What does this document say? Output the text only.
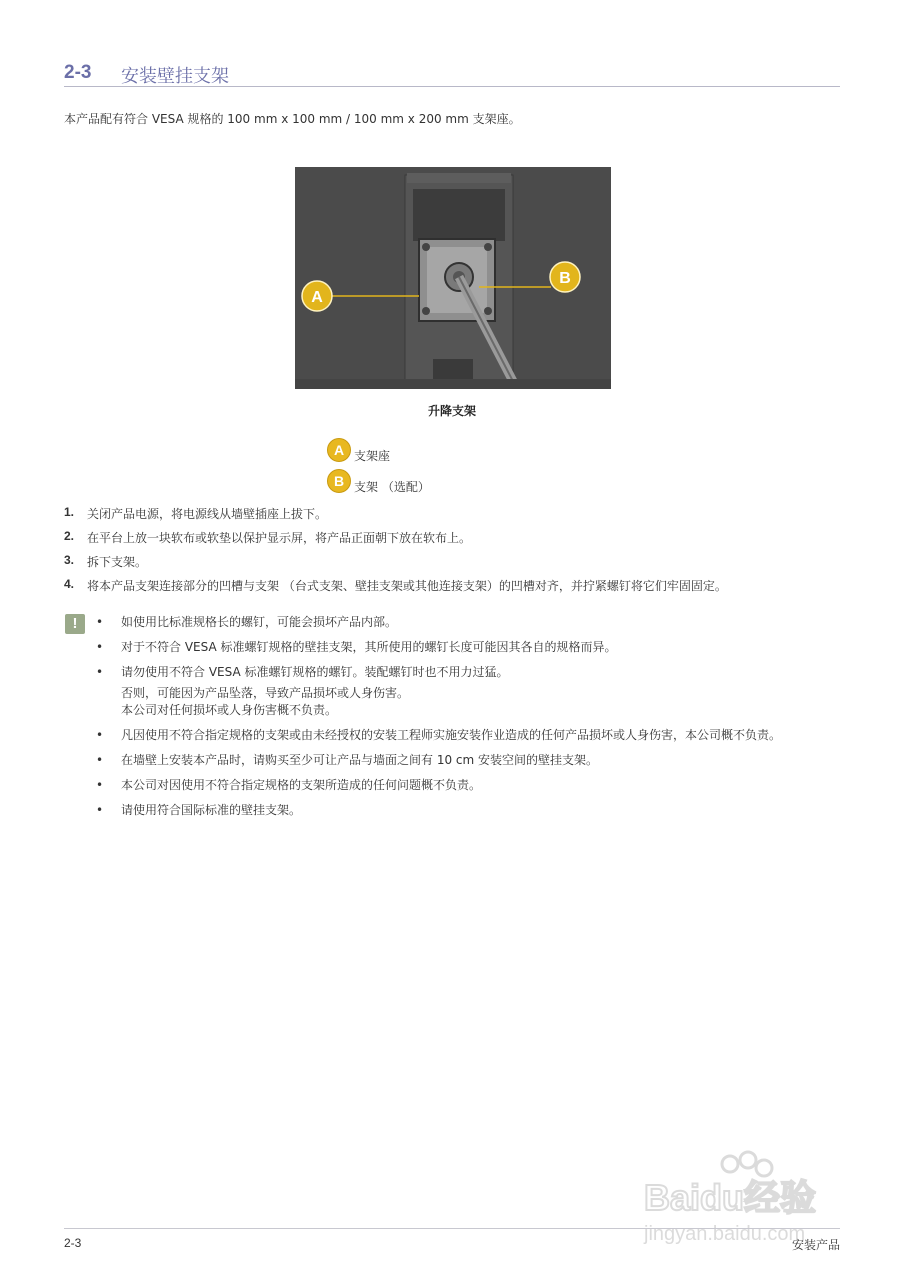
2-3 安装壁挂支架
本产品配有符合 VESA 规格的 100 mm x 100 mm / 100 mm x 200 mm 支架座。
A
B
升降支架
A 支架座
B 支架 （选配）
1. 关闭产品电源，将电源线从墙壁插座上拔下。
2. 在平台上放一块软布或软垫以保护显示屏，将产品正面朝下放在软布上。
3. 拆下支架。
4. 将本产品支架连接部分的凹槽与支架 （台式支架、壁挂支架或其他连接支架）的凹槽对齐，并拧紧螺钉将它们牢固固定。
!	• 如使用比标准规格长的螺钉，可能会损坏产品内部。
• 对于不符合 VESA 标准螺钉规格的壁挂支架，其所使用的螺钉长度可能因其各自的规格而异。
• 请勿使用不符合 VESA 标准螺钉规格的螺钉。装配螺钉时也不用力过猛。
否则，可能因为产品坠落，导致产品损坏或人身伤害。
本公司对任何损坏或人身伤害概不负责。
• 凡因使用不符合指定规格的支架或由未经授权的安装工程师实施安装作业造成的任何产品损坏或人身伤害，本公司概不负责。
• 在墙壁上安装本产品时，请购买至少可让产品与墙面之间有 10 cm 安装空间的壁挂支架。
• 本公司对因使用不符合指定规格的支架所造成的任何问题概不负责。
• 请使用符合国际标准的壁挂支架。
Baidu经验
jingyan.baidu.com
2-3	安装产品
